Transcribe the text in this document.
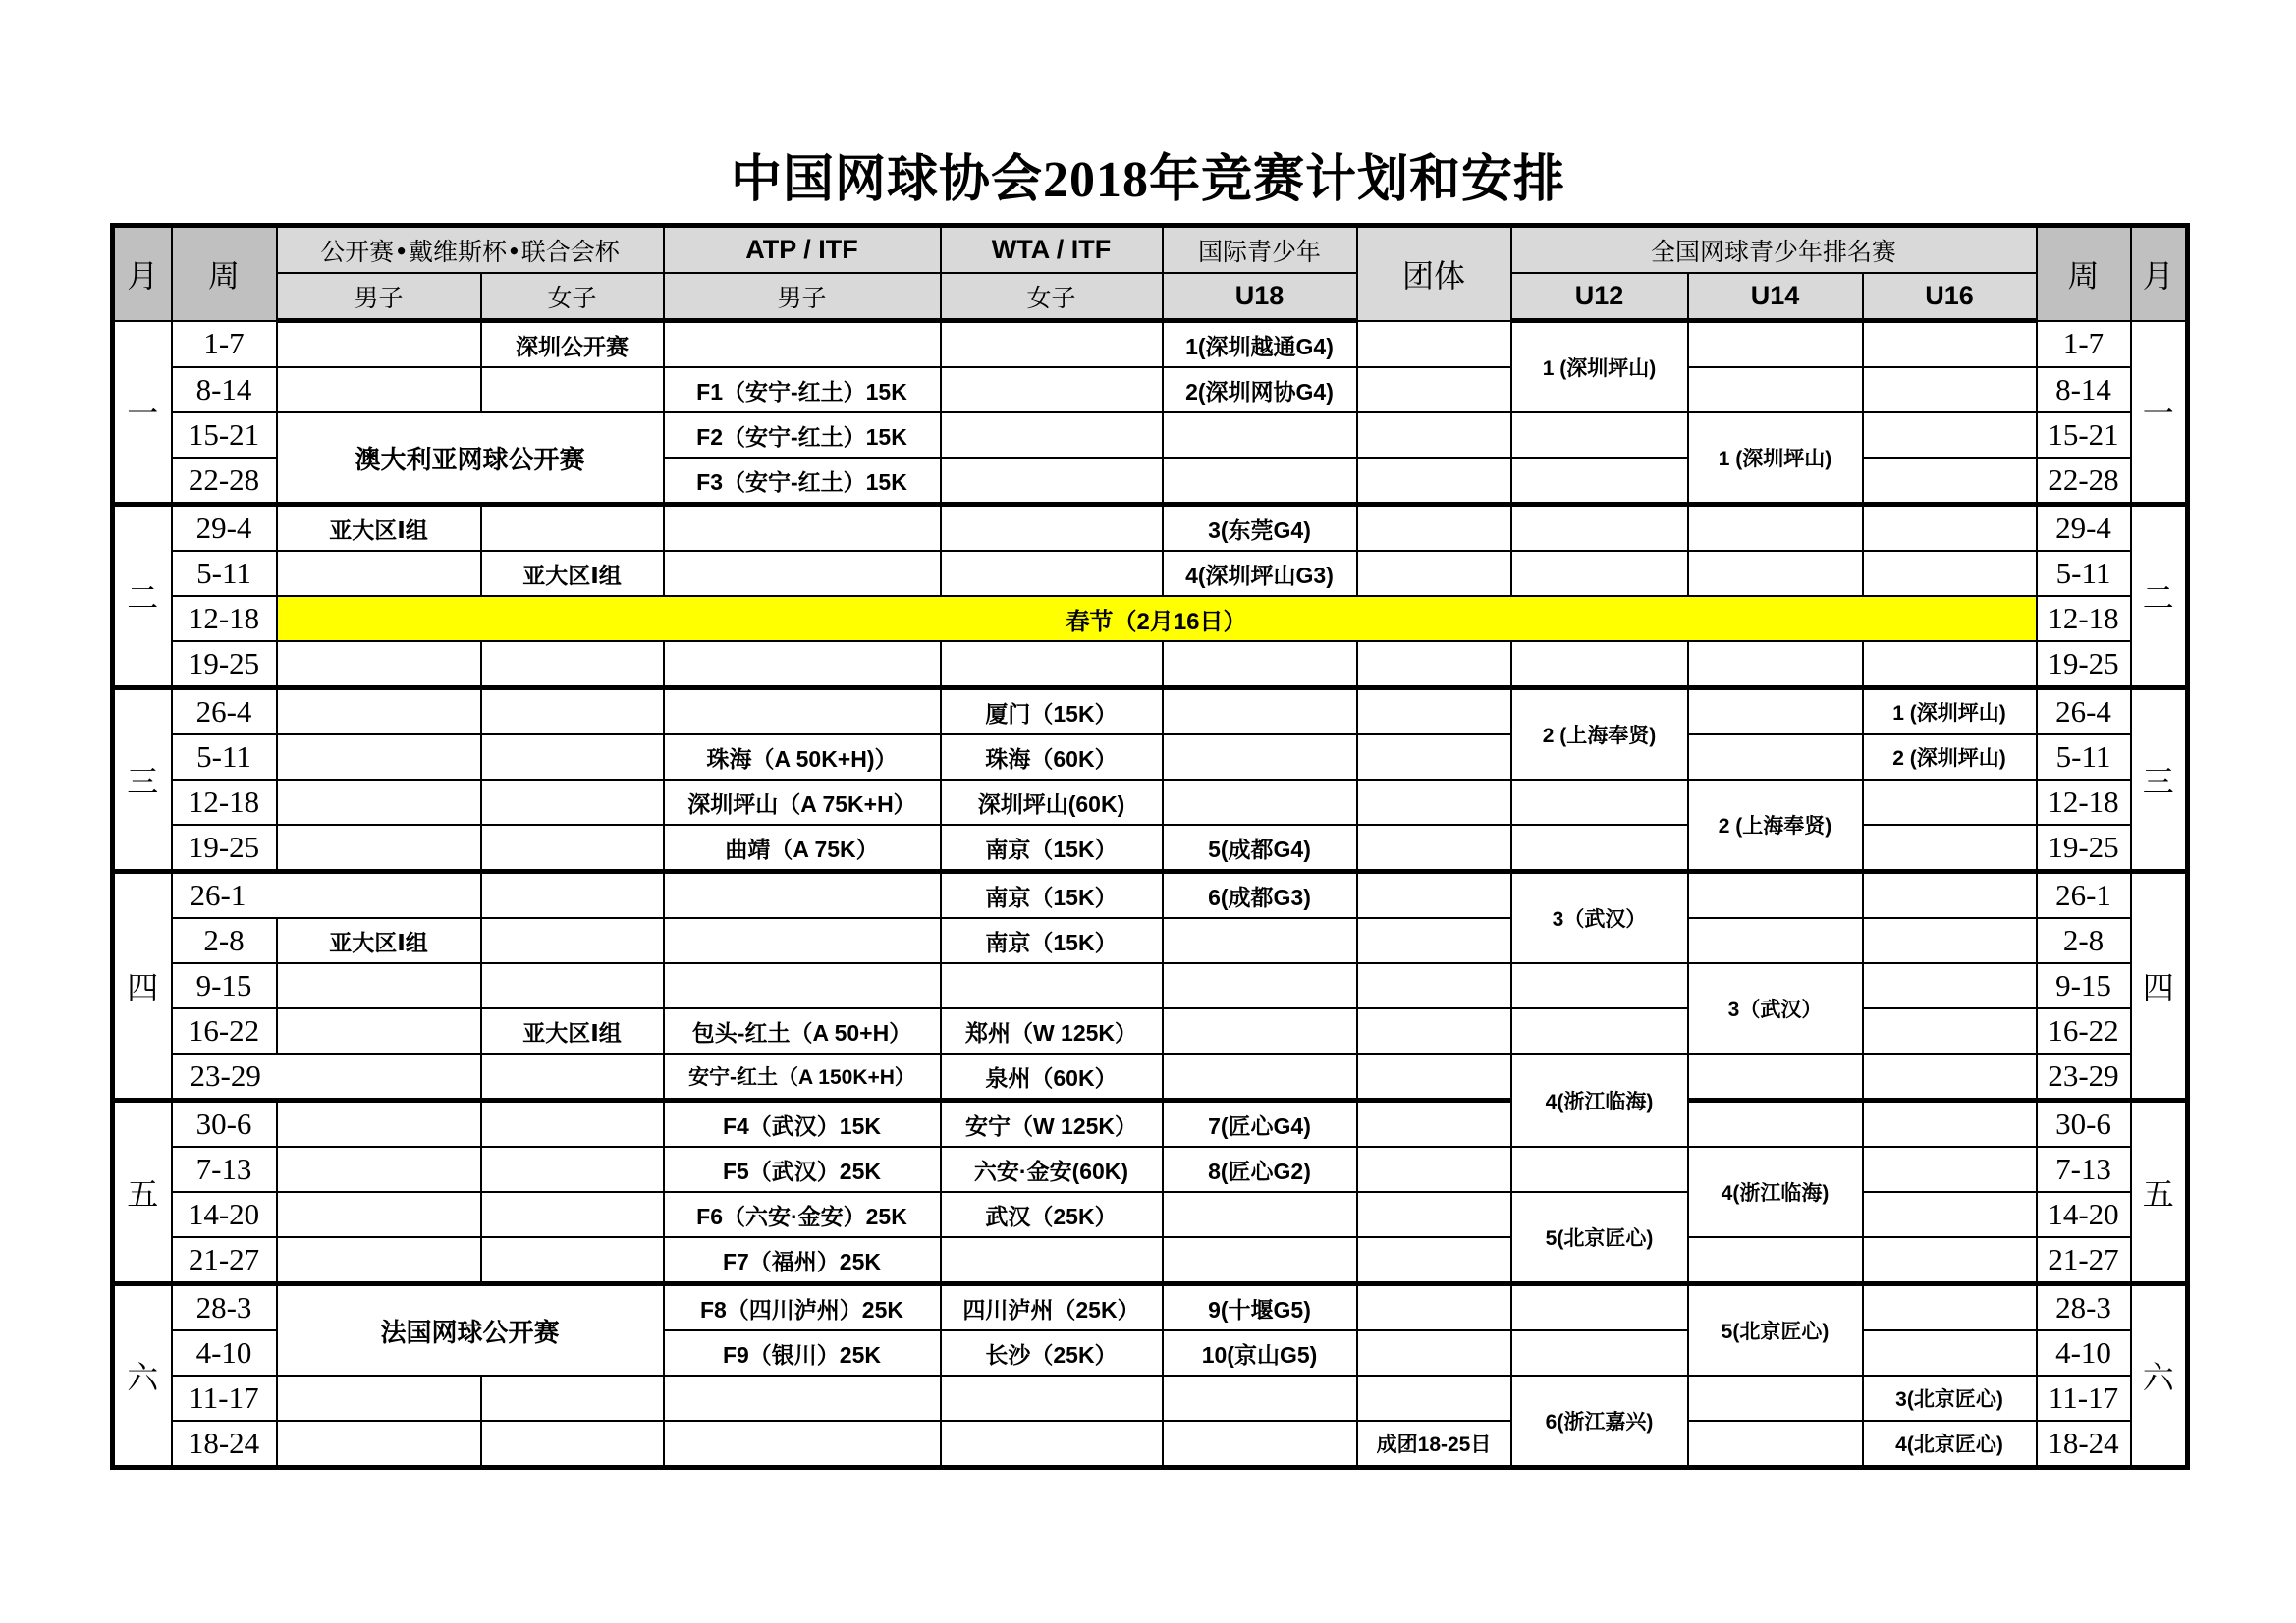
中国网球协会2018年竞赛计划和安排
月	周	公开赛•戴维斯杯•联合会杯		ATP / ITF	WTA / ITF	国际青少年	团体	全国网球青少年排名赛			周	月
		男子	女子	男子	女子	U18		U12	U14	U16		
一	1-7		深圳公开赛			1(深圳越通G4)		1 (深圳坪山)			1-7	一
	8-14			F1（安宁-红土）15K		2(深圳网协G4)					8-14	
	15-21	澳大利亚网球公开赛		F2（安宁-红土）15K					1 (深圳坪山)		15-21	
	22-28			F3（安宁-红土）15K							22-28	
二	29-4	亚大区Ⅰ组				3(东莞G4)					29-4	二
	5-11		亚大区Ⅰ组			4(深圳坪山G3)					5-11	
	12-18	春节（2月16日）									12-18	
	19-25										19-25	
三	26-4				厦门（15K）			2 (上海奉贤)		1 (深圳坪山)	26-4	三
	5-11			珠海（A 50K+H)）	珠海（60K）					2 (深圳坪山)	5-11	
	12-18			深圳坪山（A 75K+H）	深圳坪山(60K)				2 (上海奉贤)		12-18	
	19-25			曲靖（A 75K）	南京（15K）	5(成都G4)					19-25	
四	26-1				南京（15K）	6(成都G3)		3（武汉）			26-1	四
	2-8	亚大区Ⅰ组			南京（15K）						2-8	
	9-15								3（武汉）		9-15	
	16-22		亚大区Ⅰ组	包头-红土（A 50+H）	郑州（W 125K）						16-22	
	23-29			安宁-红土（A 150K+H）	泉州（60K）			4(浙江临海)			23-29	
五	30-6			F4（武汉）15K	安宁（W 125K）	7(匠心G4)					30-6	五
	7-13			F5（武汉）25K	六安·金安(60K)	8(匠心G2)			4(浙江临海)		7-13	
	14-20			F6（六安·金安）25K	武汉（25K）			5(北京匠心)			14-20	
	21-27			F7（福州）25K							21-27	
六	28-3	法国网球公开赛		F8（四川泸州）25K	四川泸州（25K）	9(十堰G5)			5(北京匠心)		28-3	六
	4-10			F9（银川）25K	长沙（25K）	10(京山G5)					4-10	
	11-17							6(浙江嘉兴)		3(北京匠心)	11-17	
	18-24						成团18-25日			4(北京匠心)	18-24	
